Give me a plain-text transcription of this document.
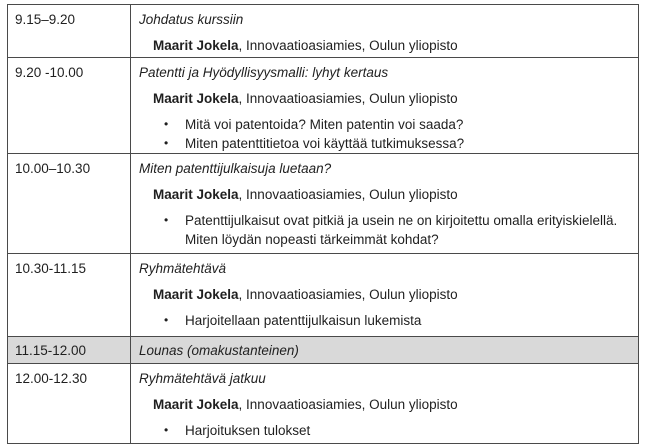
9.15–9.20	Johdatus kurssiin

Maarit Jokela, Innovaatioasiamies, Oulun yliopisto

9.20 -10.00	Patentti ja Hyödyllisyysmalli: lyhyt kertaus

Maarit Jokela, Innovaatioasiamies, Oulun yliopisto

•	Mitä voi patentoida? Miten patentin voi saada?
•	Miten patenttitietoa voi käyttää tutkimuksessa?

10.00–10.30	Miten patenttijulkaisuja luetaan?

Maarit Jokela, Innovaatioasiamies, Oulun yliopisto

•	Patenttijulkaisut ovat pitkiä ja usein ne on kirjoitettu omalla erityiskielellä. Miten löydän nopeasti tärkeimmät kohdat?

10.30-11.15	Ryhmätehtävä

Maarit Jokela, Innovaatioasiamies, Oulun yliopisto

•	Harjoitellaan patenttijulkaisun lukemista

11.15-12.00	Lounas (omakustanteinen)

12.00-12.30	Ryhmätehtävä jatkuu

Maarit Jokela, Innovaatioasiamies, Oulun yliopisto

•	Harjoituksen tulokset
